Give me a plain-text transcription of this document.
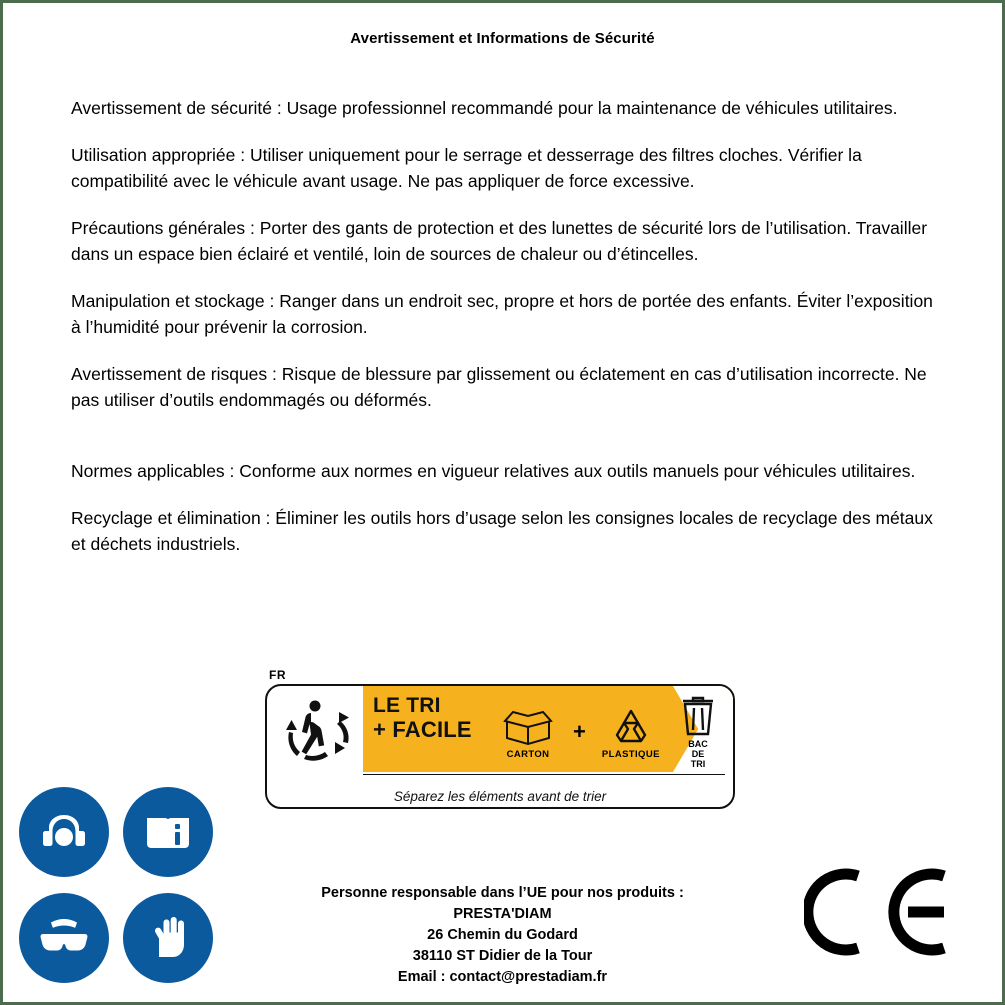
Avertissement et Informations de Sécurité

Avertissement de sécurité : Usage professionnel recommandé pour la maintenance de véhicules utilitaires.

Utilisation appropriée : Utiliser uniquement pour le serrage et desserrage des filtres cloches. Vérifier la compatibilité avec le véhicule avant usage. Ne pas appliquer de force excessive.

Précautions générales : Porter des gants de protection et des lunettes de sécurité lors de l’utilisation. Travailler dans un espace bien éclairé et ventilé, loin de sources de chaleur ou d’étincelles.

Manipulation et stockage : Ranger dans un endroit sec, propre et hors de portée des enfants. Éviter l’exposition à l’humidité pour prévenir la corrosion.

Avertissement de risques : Risque de blessure par glissement ou éclatement en cas d’utilisation incorrecte. Ne pas utiliser d’outils endommagés ou déformés.

Normes applicables : Conforme aux normes en vigueur relatives aux outils manuels pour véhicules utilitaires.

Recyclage et élimination : Éliminer les outils hors d’usage selon les consignes locales de recyclage des métaux et déchets industriels.

FR
LE TRI
+ FACILE
CARTON
+
PLASTIQUE
BAC
DE
TRI
Séparez les éléments avant de trier
Personne responsable dans l’UE pour nos produits :
PRESTA'DIAM
26 Chemin du Godard
38110 ST Didier de la Tour
Email : contact@prestadiam.fr
